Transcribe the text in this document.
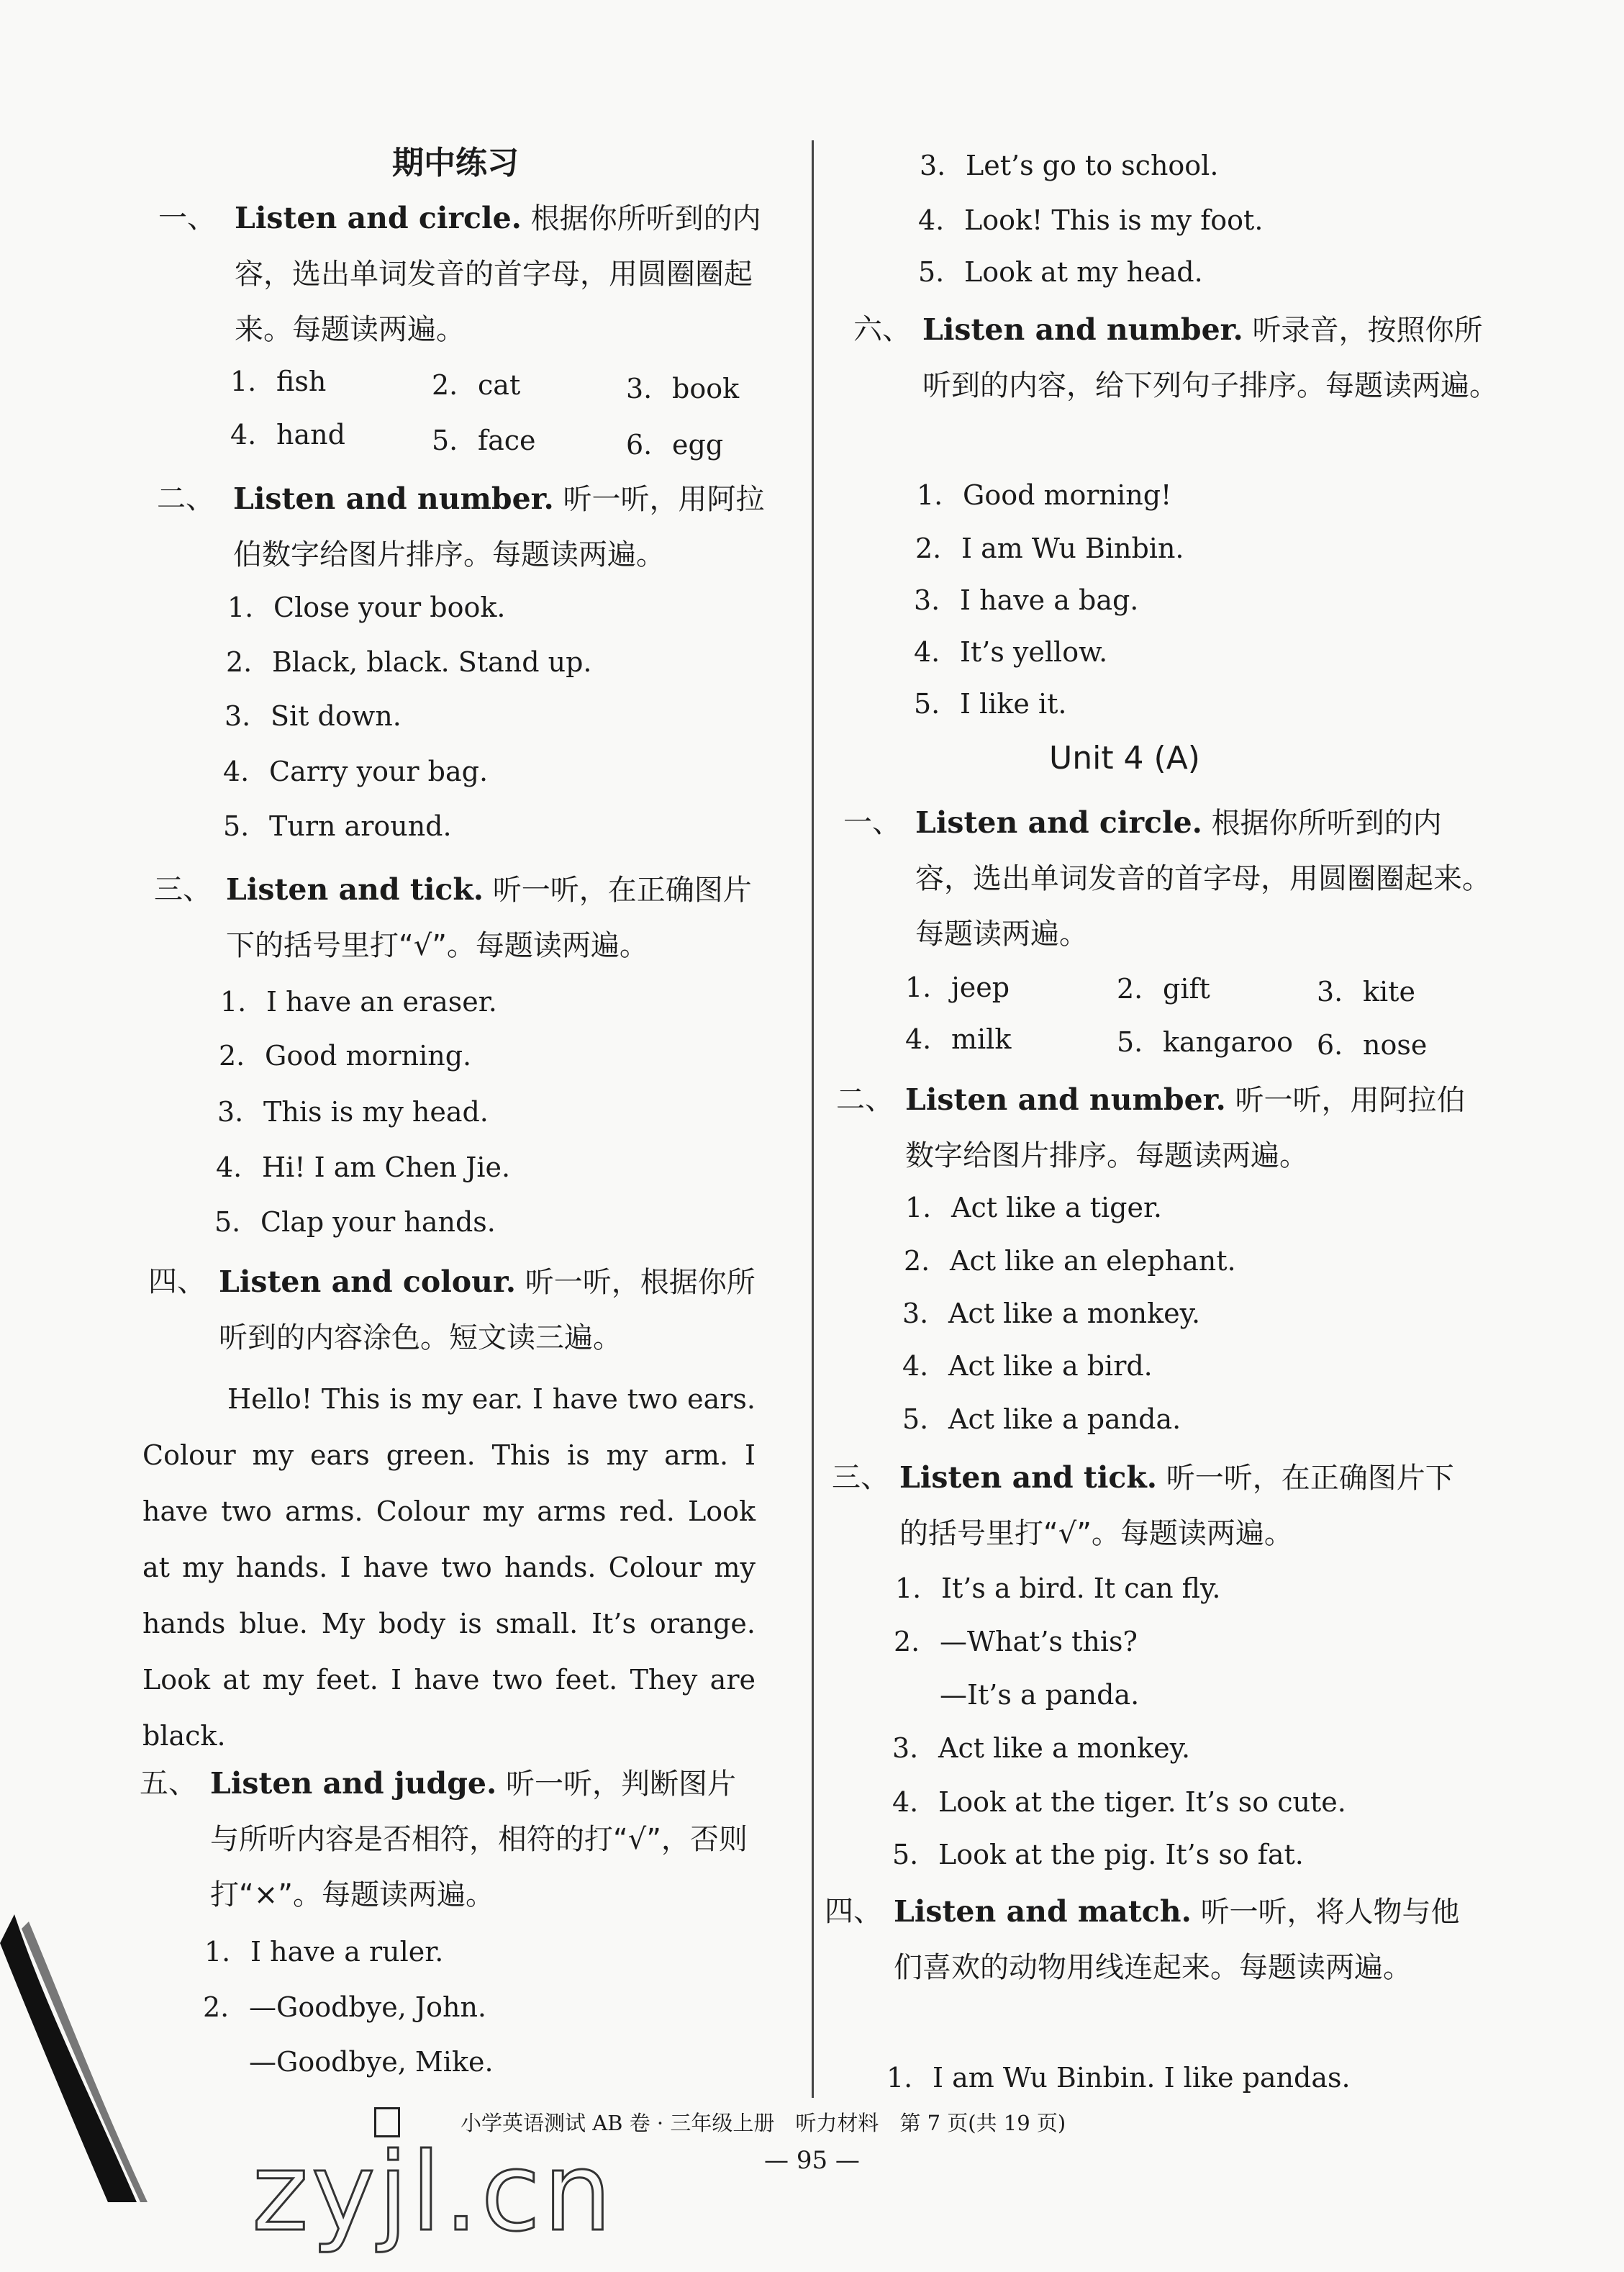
期中练习
一、 Listen and circle. 根据你所听到的内容，选出单词发音的首字母，用圆圈圈起来。每题读两遍。
1. fish	2. cat	3. book
4. hand	5. face	6. egg
二、 Listen and number. 听一听，用阿拉伯数字给图片排序。每题读两遍。
1. Close your book.
2. Black, black. Stand up.
3. Sit down.
4. Carry your bag.
5. Turn around.
三、 Listen and tick. 听一听，在正确图片下的括号里打“√”。每题读两遍。
1. I have an eraser.
2. Good morning.
3. This is my head.
4. Hi! I am Chen Jie.
5. Clap your hands.
四、 Listen and colour. 听一听，根据你所听到的内容涂色。短文读三遍。
Hello! This is my ear. I have two ears. Colour my ears green. This is my arm. I have two arms. Colour my arms red. Look at my hands. I have two hands. Colour my hands blue. My body is small. It’s orange. Look at my feet. I have two feet. They are black.
五、 Listen and judge. 听一听，判断图片与所听内容是否相符，相符的打“√”，否则打“×”。每题读两遍。
1. I have a ruler.
2. —Goodbye, John.
—Goodbye, Mike.
3. Let’s go to school.
4. Look! This is my foot.
5. Look at my head.
六、 Listen and number. 听录音，按照你所听到的内容，给下列句子排序。每题读两遍。
1. Good morning!
2. I am Wu Binbin.
3. I have a bag.
4. It’s yellow.
5. I like it.
Unit 4 (A)
一、 Listen and circle. 根据你所听到的内容，选出单词发音的首字母，用圆圈圈起来。每题读两遍。
1. jeep	2. gift	3. kite
4. milk	5. kangaroo 6. nose
二、 Listen and number. 听一听，用阿拉伯数字给图片排序。每题读两遍。
1. Act like a tiger.
2. Act like an elephant.
3. Act like a monkey.
4. Act like a bird.
5. Act like a panda.
三、 Listen and tick. 听一听，在正确图片下的括号里打“√”。每题读两遍。
1. It’s a bird. It can fly.
2. —What’s this?
—It’s a panda.
3. Act like a monkey.
4. Look at the tiger. It’s so cute.
5. Look at the pig. It’s so fat.
四、 Listen and match. 听一听，将人物与他们喜欢的动物用线连起来。每题读两遍。
1. I am Wu Binbin. I like pandas.
小学英语测试 AB 卷 · 三年级上册　听力材料　第 7 页(共 19 页)
— 95 —
zyjl.cn
